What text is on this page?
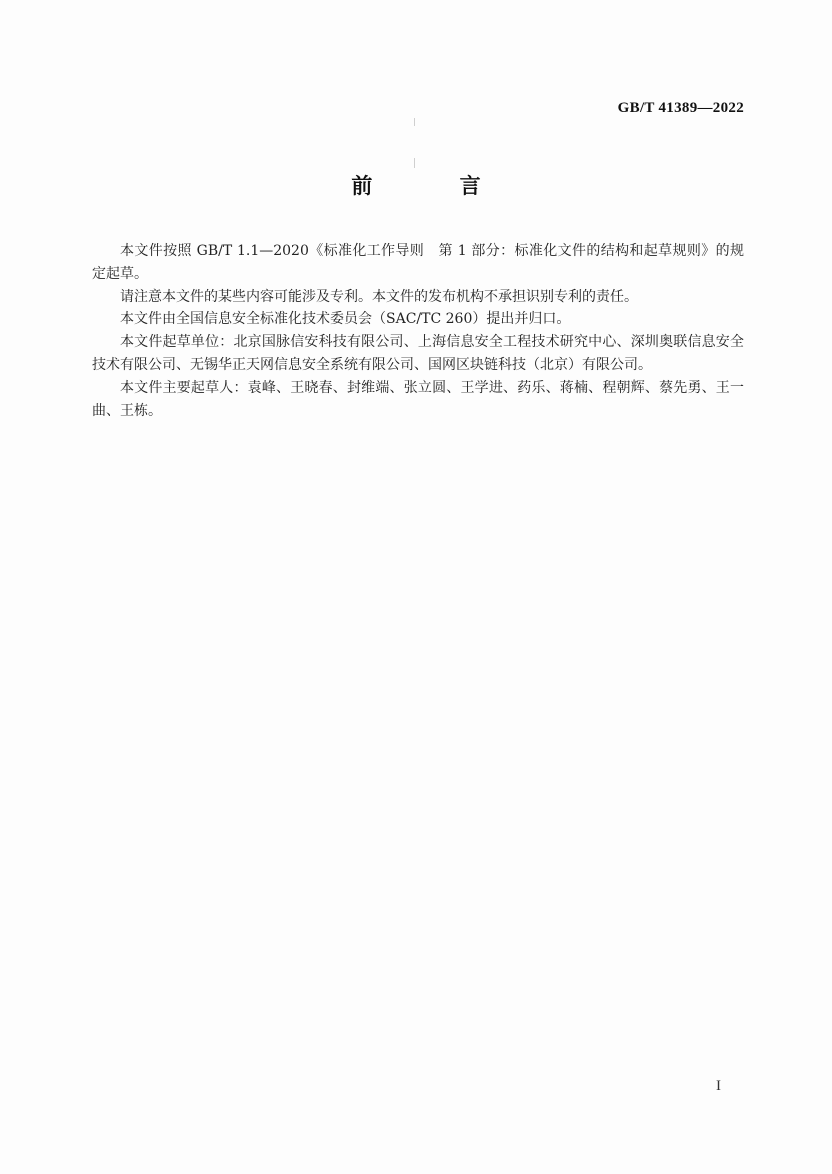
GB/T 41389—2022
前 言

本文件按照 GB/T 1.1—2020《标准化工作导则　第 1 部分：标准化文件的结构和起草规则》的规定起草。

请注意本文件的某些内容可能涉及专利。本文件的发布机构不承担识别专利的责任。

本文件由全国信息安全标准化技术委员会（SAC/TC 260）提出并归口。

本文件起草单位：北京国脉信安科技有限公司、上海信息安全工程技术研究中心、深圳奥联信息安全技术有限公司、无锡华正天网信息安全系统有限公司、国网区块链科技（北京）有限公司。

本文件主要起草人：袁峰、王晓春、封维端、张立圆、王学进、药乐、蒋楠、程朝辉、蔡先勇、王一曲、王栋。

I
